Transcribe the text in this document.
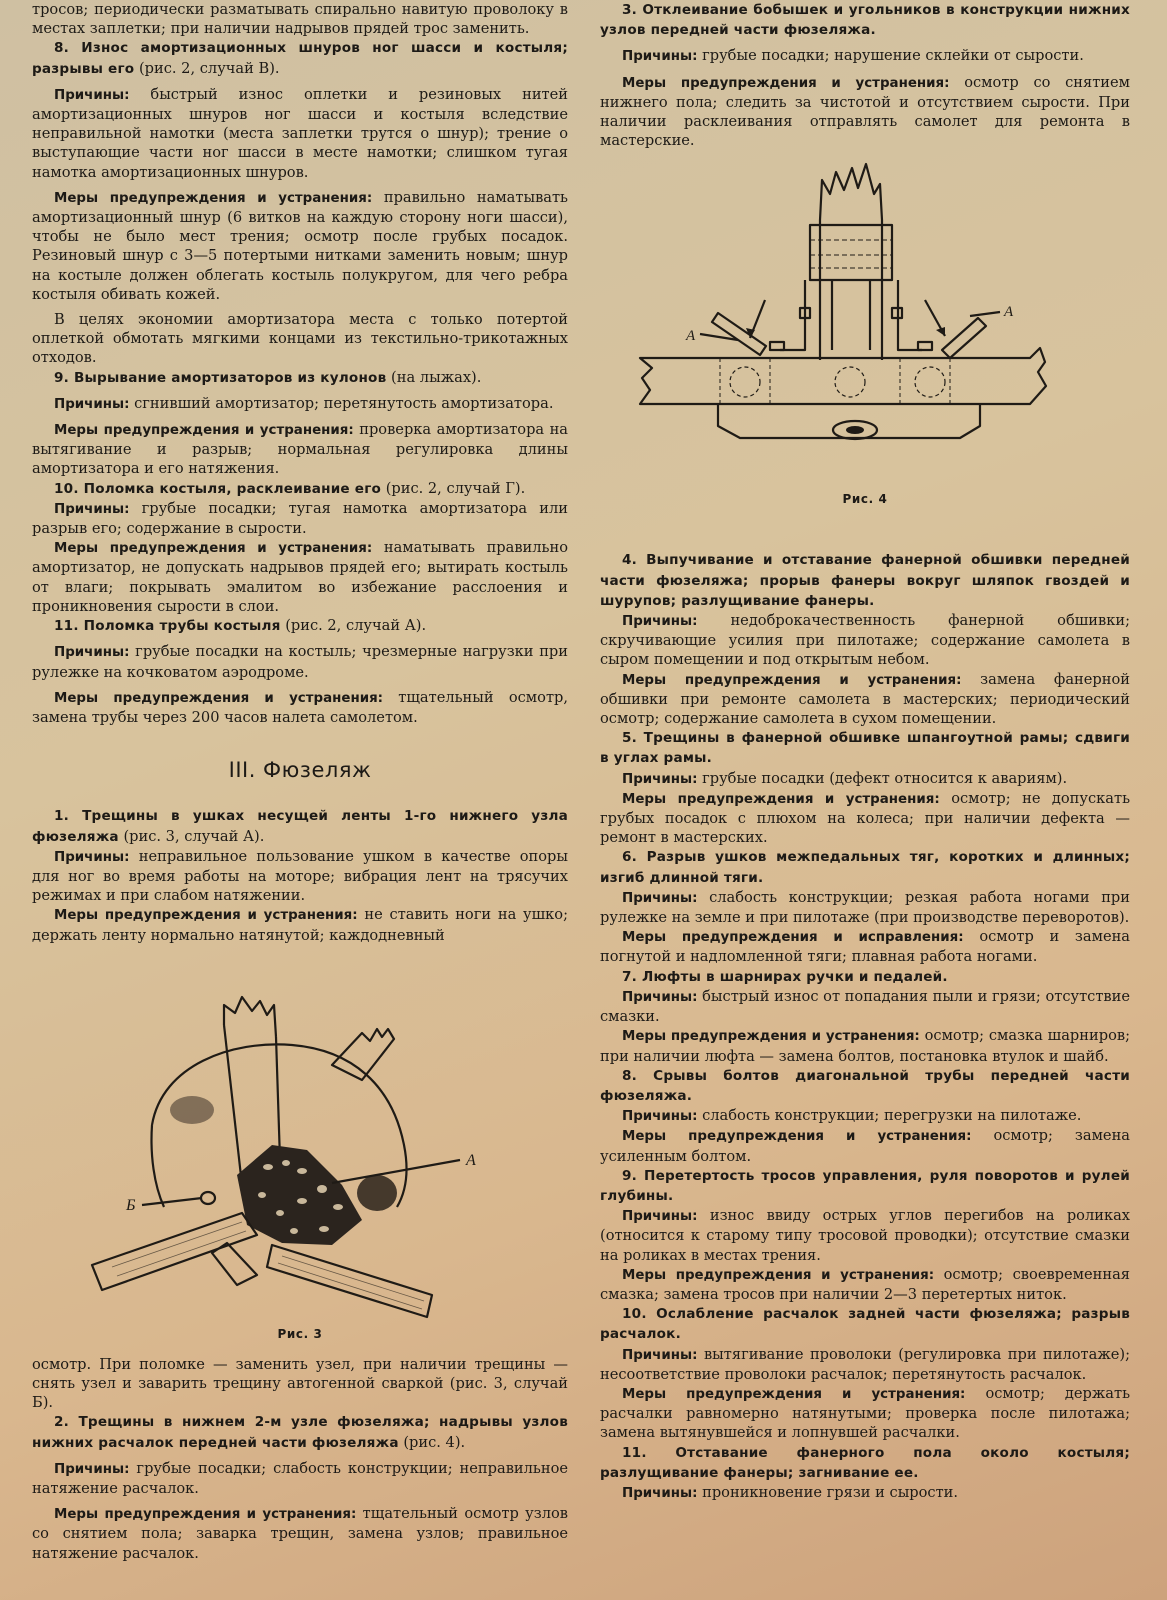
тросов; периодически разматывать спирально навитую проволоку в местах заплетки; при наличии надрывов прядей трос заменить.

8. Износ амортизационных шнуров ног шасси и костыля; разрывы его (рис. 2, случай В).

Причины: быстрый износ оплетки и резиновых нитей амортизационных шнуров ног шасси и костыля вследствие неправильной намотки (места заплетки трутся о шнур); трение о выступающие части ног шасси в месте намотки; слишком тугая намотка амортизационных шнуров.

Меры предупреждения и устранения: правильно наматывать амортизационный шнур (6 витков на каждую сторону ноги шасси), чтобы не было мест трения; осмотр после грубых посадок. Резиновый шнур с 3—5 потертыми нитками заменить новым; шнур на костыле должен облегать костыль полукругом, для чего ребра костыля обивать кожей.

В целях экономии амортизатора места с только потертой оплеткой обмотать мягкими концами из текстильно-трикотажных отходов.

9. Вырывание амортизаторов из кулонов (на лыжах).

Причины: сгнивший амортизатор; перетянутость амортизатора.

Меры предупреждения и устранения: проверка амортизатора на вытягивание и разрыв; нормальная регулировка длины амортизатора и его натяжения.

10. Поломка костыля, расклеивание его (рис. 2, случай Г).

Причины: грубые посадки; тугая намотка амортизатора или разрыв его; содержание в сырости.

Меры предупреждения и устранения: наматывать правильно амортизатор, не допускать надрывов прядей его; вытирать костыль от влаги; покрывать эмалитом во избежание расслоения и проникновения сырости в слои.

11. Поломка трубы костыля (рис. 2, случай А).

Причины: грубые посадки на костыль; чрезмерные нагрузки при рулежке на кочковатом аэродроме.

Меры предупреждения и устранения: тщательный осмотр, замена трубы через 200 часов налета самолетом.

III. Фюзеляж

1. Трещины в ушках несущей ленты 1-го нижнего узла фюзеляжа (рис. 3, случай А).

Причины: неправильное пользование ушком в качестве опоры для ног во время работы на моторе; вибрация лент на трясучих режимах и при слабом натяжении.

Меры предупреждения и устранения: не ставить ноги на ушко; держать ленту нормально натянутой; каждодневный

А
Б
Рис. 3

осмотр. При поломке — заменить узел, при наличии трещины — снять узел и заварить трещину автогенной сваркой (рис. 3, случай Б).

2. Трещины в нижнем 2-м узле фюзеляжа; надрывы узлов нижних расчалок передней части фюзеляжа (рис. 4).

Причины: грубые посадки; слабость конструкции; неправильное натяжение расчалок.

Меры предупреждения и устранения: тщательный осмотр узлов со снятием пола; заварка трещин, замена узлов; правильное натяжение расчалок.

3. Отклеивание бобышек и угольников в конструкции нижних узлов передней части фюзеляжа.

Причины: грубые посадки; нарушение склейки от сырости.

Меры предупреждения и устранения: осмотр со снятием нижнего пола; следить за чистотой и отсутствием сырости. При наличии расклеивания отправлять самолет для ремонта в мастерские.

А
А
Рис. 4

4. Выпучивание и отставание фанерной обшивки передней части фюзеляжа; прорыв фанеры вокруг шляпок гвоздей и шурупов; разлущивание фанеры.

Причины: недоброкачественность фанерной обшивки; скручивающие усилия при пилотаже; содержание самолета в сыром помещении и под открытым небом.

Меры предупреждения и устранения: замена фанерной обшивки при ремонте самолета в мастерских; периодический осмотр; содержание самолета в сухом помещении.

5. Трещины в фанерной обшивке шпангоутной рамы; сдвиги в углах рамы.

Причины: грубые посадки (дефект относится к авариям).

Меры предупреждения и устранения: осмотр; не допускать грубых посадок с плюхом на колеса; при наличии дефекта — ремонт в мастерских.

6. Разрыв ушков межпедальных тяг, коротких и длинных; изгиб длинной тяги.

Причины: слабость конструкции; резкая работа ногами при рулежке на земле и при пилотаже (при производстве переворотов).

Меры предупреждения и исправления: осмотр и замена погнутой и надломленной тяги; плавная работа ногами.

7. Люфты в шарнирах ручки и педалей.

Причины: быстрый износ от попадания пыли и грязи; отсутствие смазки.

Меры предупреждения и устранения: осмотр; смазка шарниров; при наличии люфта — замена болтов, постановка втулок и шайб.

8. Срывы болтов диагональной трубы передней части фюзеляжа.

Причины: слабость конструкции; перегрузки на пилотаже.

Меры предупреждения и устранения: осмотр; замена усиленным болтом.

9. Перетертость тросов управления, руля поворотов и рулей глубины.

Причины: износ ввиду острых углов перегибов на роликах (относится к старому типу тросовой проводки); отсутствие смазки на роликах в местах трения.

Меры предупреждения и устранения: осмотр; своевременная смазка; замена тросов при наличии 2—3 перетертых ниток.

10. Ослабление расчалок задней части фюзеляжа; разрыв расчалок.

Причины: вытягивание проволоки (регулировка при пилотаже); несоответствие проволоки расчалок; перетянутость расчалок.

Меры предупреждения и устранения: осмотр; держать расчалки равномерно натянутыми; проверка после пилотажа; замена вытянувшейся и лопнувшей расчалки.

11. Отставание фанерного пола около костыля; разлущивание фанеры; загнивание ее.

Причины: проникновение грязи и сырости.
